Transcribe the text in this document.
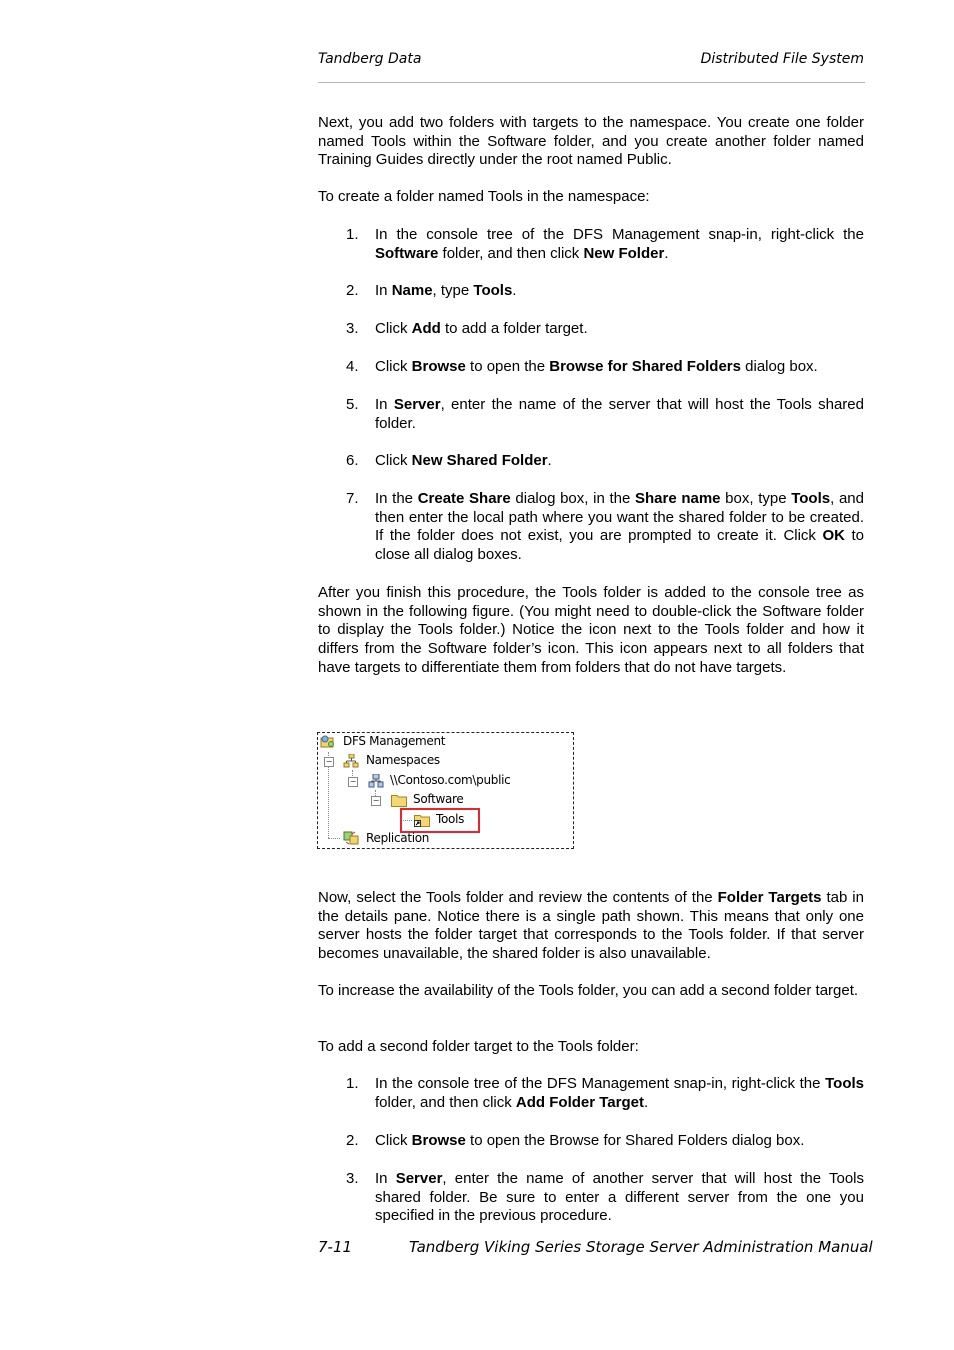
Tandberg Data	Distributed File System

Next, you add two folders with targets to the namespace. You create one folder named Tools within the Software folder, and you create another folder named Training Guides directly under the root named Public.

To create a folder named Tools in the namespace:

1. In the console tree of the DFS Management snap-in, right-click the Software folder, and then click New Folder.
2. In Name, type Tools.
3. Click Add to add a folder target.
4. Click Browse to open the Browse for Shared Folders dialog box.
5. In Server, enter the name of the server that will host the Tools shared folder.
6. Click New Shared Folder.
7. In the Create Share dialog box, in the Share name box, type Tools, and then enter the local path where you want the shared folder to be created. If the folder does not exist, you are prompted to create it. Click OK to close all dialog boxes.

After you finish this procedure, the Tools folder is added to the console tree as shown in the following figure. (You might need to double-click the Software folder to display the Tools folder.) Notice the icon next to the Tools folder and how it differs from the Software folder’s icon. This icon appears next to all folders that have targets to differentiate them from folders that do not have targets.

DFS Management
−	Namespaces
−	\\Contoso.com\public
−	Software
Tools
Replication

Now, select the Tools folder and review the contents of the Folder Targets tab in the details pane. Notice there is a single path shown. This means that only one server hosts the folder target that corresponds to the Tools folder. If that server becomes unavailable, the shared folder is also unavailable.

To increase the availability of the Tools folder, you can add a second folder target.

To add a second folder target to the Tools folder:

1. In the console tree of the DFS Management snap-in, right-click the Tools folder, and then click Add Folder Target.
2. Click Browse to open the Browse for Shared Folders dialog box.
3. In Server, enter the name of another server that will host the Tools shared folder. Be sure to enter a different server from the one you specified in the previous procedure.
7-11	Tandberg Viking Series Storage Server Administration Manual
